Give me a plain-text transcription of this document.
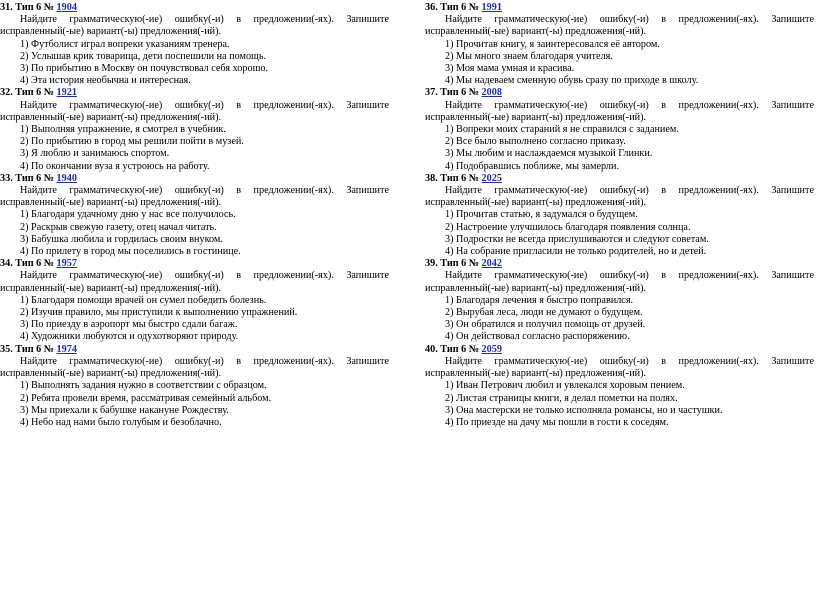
31. Тип 6 № 1904
Найдите грамматическую(-ие) ошибку(-и) в предложении(-ях). Запишите исправленный(-ые) вариант(-ы) предложения(-ий).
1) Футболист играл вопреки указаниям тренера.
2) Услышав крик товарища, дети поспешили на помощь.
3) По прибытию в Москву он почувствовал себя хорошо.
4) Эта история необычна и интересная.
32. Тип 6 № 1921
Найдите грамматическую(-ие) ошибку(-и) в предложении(-ях). Запишите исправленный(-ые) вариант(-ы) предложения(-ий).
1) Выполняя упражнение, я смотрел в учебник.
2) По прибытию в город мы решили пойти в музей.
3) Я люблю и занимаюсь спортом.
4) По окончании вуза я устроюсь на работу.
33. Тип 6 № 1940
Найдите грамматическую(-ие) ошибку(-и) в предложении(-ях). Запишите исправленный(-ые) вариант(-ы) предложения(-ий).
1) Благодаря удачному дню у нас все получилось.
2) Раскрыв свежую газету, отец начал читать.
3) Бабушка любила и гордилась своим внуком.
4) По прилету в город мы поселились в гостинице.
34. Тип 6 № 1957
Найдите грамматическую(-ие) ошибку(-и) в предложении(-ях). Запишите исправленный(-ые) вариант(-ы) предложения(-ий).
1) Благодаря помощи врачей он сумел победить болезнь.
2) Изучив правило, мы приступили к выполнению упражнений.
3) По приезду в аэропорт мы быстро сдали багаж.
4) Художники любуются и одухотворяют природу.
35. Тип 6 № 1974
Найдите грамматическую(-ие) ошибку(-и) в предложении(-ях). Запишите исправленный(-ые) вариант(-ы) предложения(-ий).
1) Выполнять задания нужно в соответствии с образцом.
2) Ребята провели время, рассматривая семейный альбом.
3) Мы приехали к бабушке накануне Рождеству.
4) Небо над нами было голубым и безоблачно.
36. Тип 6 № 1991
Найдите грамматическую(-ие) ошибку(-и) в предложении(-ях). Запишите исправленный(-ые) вариант(-ы) предложения(-ий).
1) Прочитав книгу, я заинтересовался её автором.
2) Мы много знаем благодаря учителя.
3) Моя мама умная и красива.
4) Мы надеваем сменную обувь сразу по приходе в школу.
37. Тип 6 № 2008
Найдите грамматическую(-ие) ошибку(-и) в предложении(-ях). Запишите исправленный(-ые) вариант(-ы) предложения(-ий).
1) Вопреки моих стараний я не справился с заданием.
2) Все было выполнено согласно приказу.
3) Мы любим и наслаждаемся музыкой Глинки.
4) Подобравшись поближе, мы замерли.
38. Тип 6 № 2025
Найдите грамматическую(-ие) ошибку(-и) в предложении(-ях). Запишите исправленный(-ые) вариант(-ы) предложения(-ий).
1) Прочитав статью, я задумался о будущем.
2) Настроение улучшилось благодаря появления солнца.
3) Подростки не всегда прислушиваются и следуют советам.
4) На собрание пригласили не только родителей, но и детей.
39. Тип 6 № 2042
Найдите грамматическую(-ие) ошибку(-и) в предложении(-ях). Запишите исправленный(-ые) вариант(-ы) предложения(-ий).
1) Благодаря лечения я быстро поправился.
2) Вырубая леса, люди не думают о будущем.
3) Он обратился и получил помощь от друзей.
4) Он действовал согласно распоряжению.
40. Тип 6 № 2059
Найдите грамматическую(-ие) ошибку(-и) в предложении(-ях). Запишите исправленный(-ые) вариант(-ы) предложения(-ий).
1) Иван Петрович любил и увлекался хоровым пением.
2) Листая страницы книги, я делал пометки на полях.
3) Она мастерски не только исполняла романсы, но и частушки.
4) По приезде на дачу мы пошли в гости к соседям.
